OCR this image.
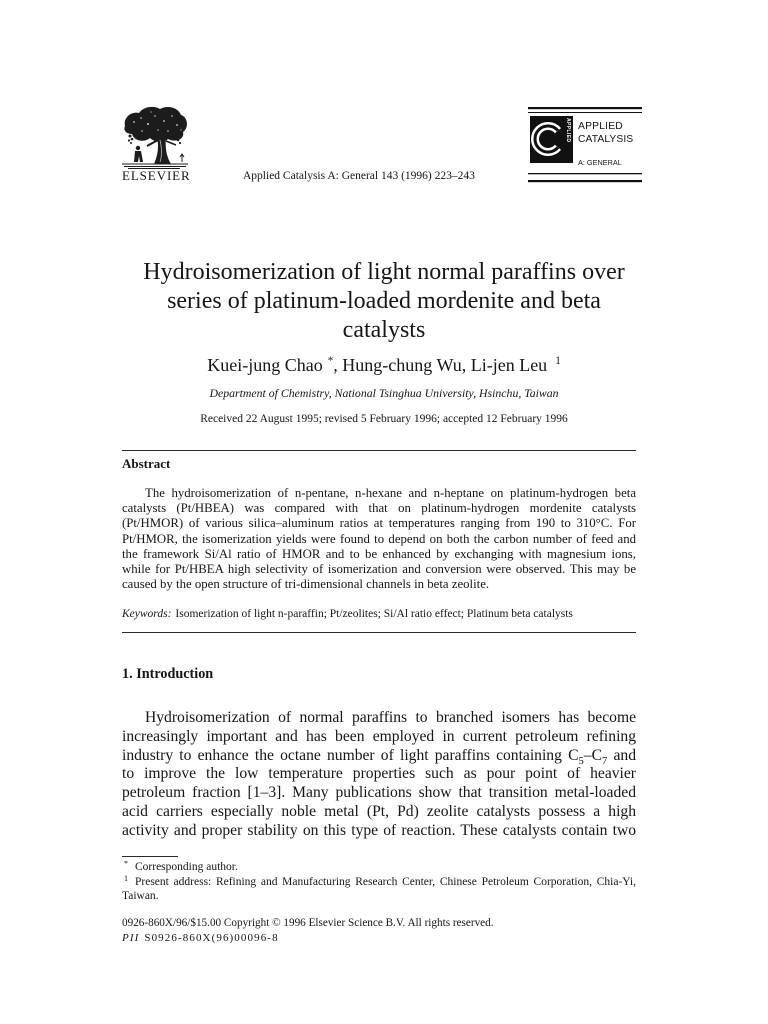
ELSEVIER	Applied Catalysis A: General 143 (1996) 223–243
APPLIED APPLIED
CATALYSIS
A: GENERAL
Hydroisomerization of light normal paraffins over
series of platinum-loaded mordenite and beta
catalysts
Kuei-jung Chao *, Hung-chung Wu, Li-jen Leu $^1$
Department of Chemistry, National Tsinghua University, Hsinchu, Taiwan
Received 22 August 1995; revised 5 February 1996; accepted 12 February 1996
Abstract
The hydroisomerization of n-pentane, n-hexane and n-heptane on platinum-hydrogen beta
catalysts (Pt/HBEA) was compared with that on platinum-hydrogen mordenite catalysts
(Pt/HMOR) of various silica–aluminum ratios at temperatures ranging from 190 to 310°C. For
Pt/HMOR, the isomerization yields were found to depend on both the carbon number of feed and
the framework Si/Al ratio of HMOR and to be enhanced by exchanging with magnesium ions,
while for Pt/HBEA high selectivity of isomerization and conversion were observed. This may be
caused by the open structure of tri-dimensional channels in beta zeolite.
Keywords: Isomerization of light n-paraffin; Pt/zeolites; Si/Al ratio effect; Platinum beta catalysts
1. Introduction
Hydroisomerization of normal paraffins to branched isomers has become
increasingly important and has been employed in current petroleum refining
industry to enhance the octane number of light paraffins containing $C_5-C_7$ and
to improve the low temperature properties such as pour point of heavier
petroleum fraction [1–3]. Many publications show that transition metal-loaded
acid carriers especially noble metal (Pt, Pd) zeolite catalysts possess a high
activity and proper stability on this type of reaction. These catalysts contain two
* Corresponding author.
1 Present address: Refining and Manufacturing Research Center, Chinese Petroleum Corporation, Chia-Yi,
Taiwan.
0926-860X/96/$15.00 Copyright © 1996 Elsevier Science B.V. All rights reserved.
PII S0926-860X(96)00096-8
